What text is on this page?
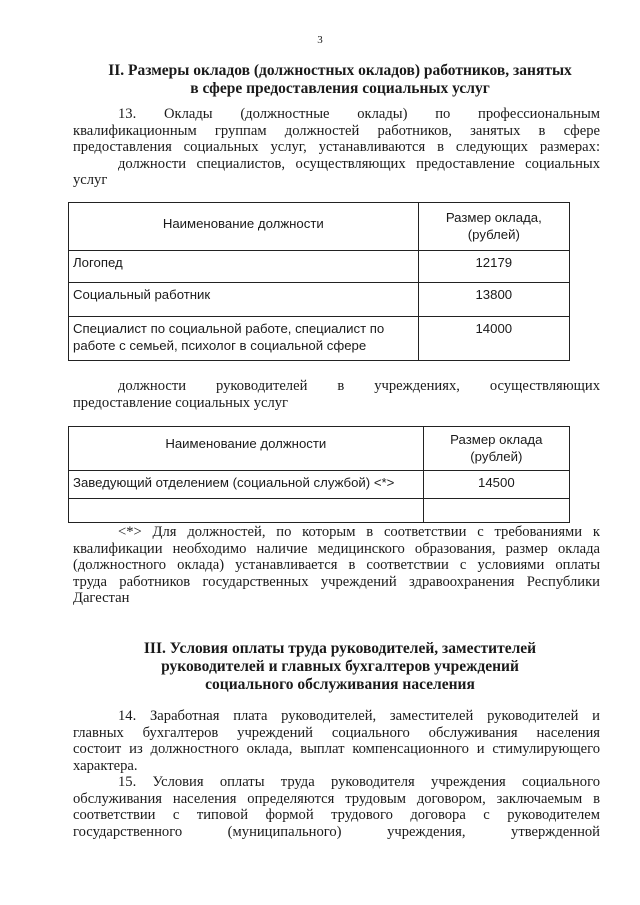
3
II. Размеры окладов (должностных окладов) работников, занятых
в сфере предоставления социальных услуг
13. Оклады (должностные оклады) по профессиональным
квалификационным группам должностей работников, занятых в сфере
предоставления социальных услуг, устанавливаются в следующих размерах:
должности специалистов, осуществляющих предоставление социальных
услуг
Наименование должности	Размер оклада,
(рублей)

Логопед	12179

Социальный работник	13800

Специалист по социальной работе, специалист по
работе с семьей, психолог в социальной сфере	14000
должности руководителей в учреждениях, осуществляющих
предоставление социальных услуг
Наименование должности	Размер оклада
(рублей)

Заведующий отделением (социальной службой) <*>	14500

<*> Для должностей, по которым в соответствии с требованиями к
квалификации необходимо наличие медицинского образования, размер оклада
(должностного оклада) устанавливается в соответствии с условиями оплаты
труда работников государственных учреждений здравоохранения Республики
Дагестан
III. Условия оплаты труда руководителей, заместителей
руководителей и главных бухгалтеров учреждений
социального обслуживания населения
14. Заработная плата руководителей, заместителей руководителей и
главных бухгалтеров учреждений социального обслуживания населения
состоит из должностного оклада, выплат компенсационного и стимулирующего
характера.
15. Условия оплаты труда руководителя учреждения социального
обслуживания населения определяются трудовым договором, заключаемым в
соответствии с типовой формой трудового договора с руководителем
государственного (муниципального) учреждения, утвержденной
